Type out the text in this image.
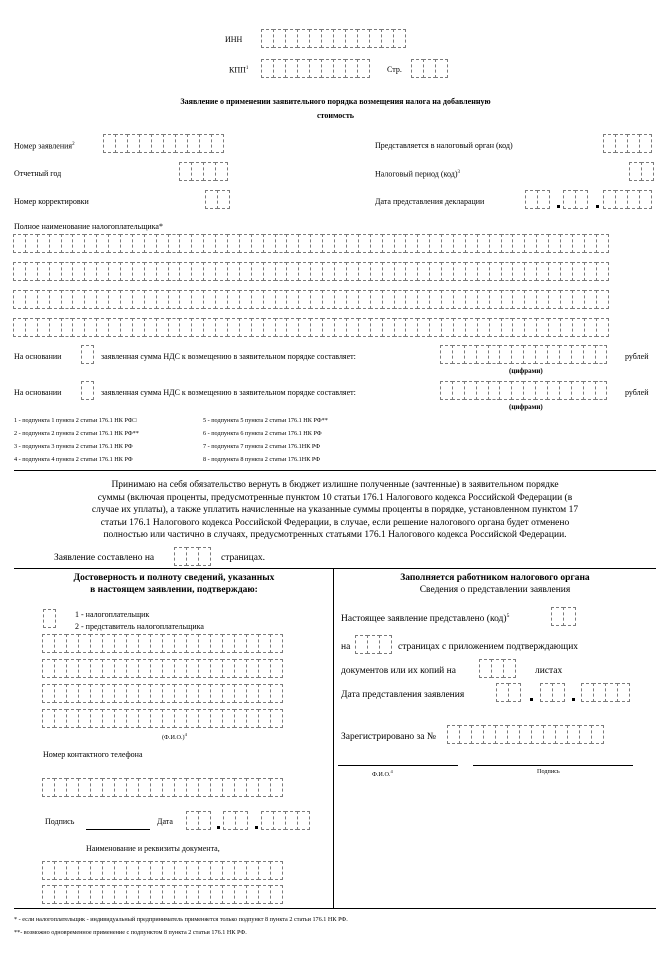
ИНН
КПП$^1$	Стр.
Заявление о применении заявительного порядка возмещения налога на добавленную
стоимость
Номер заявления$^2$
Отчетный год
Номер корректировки
Представляется в налоговый орган (код)
Налоговый период (код)$^3$
Дата представления декларации
Полное наименование налогоплательщика*
На основании	заявленная сумма НДС к возмещению в заявительном порядке составляет:	рублей
(цифрами)
На основании	заявленная сумма НДС к возмещению в заявительном порядке составляет:	рублей
(цифрами)
1 - подпункта 1 пункта 2 статьи 176.1 НК РФ□
2 - подпункта 2 пункта 2 статьи 176.1 НК РФ**
3 - подпункта 3 пункта 2 статьи 176.1 НК РФ
4 - подпункта 4 пункта 2 статьи 176.1 НК РФ
5 - подпункта 5 пункта 2 статьи 176.1 НК РФ**
6 - подпункта 6 пункта 2 статьи 176.1 НК РФ
7 - подпункта 7 пункта 2 статьи 176.1НК РФ
8 - подпункта 8 пункта 2 статьи 176.1НК РФ
Принимаю на себя обязательство вернуть в бюджет излишне полученные (зачтенные) в заявительном порядке
суммы (включая проценты, предусмотренные пунктом 10 статьи 176.1 Налогового кодекса Российской Федерации (в
случае их уплаты), а также уплатить начисленные на указанные суммы проценты в порядке, установленном пунктом 17
статьи 176.1 Налогового кодекса Российской Федерации, в случае, если решение налогового органа будет отменено
полностью или частично в случаях, предусмотренных статьями 176.1 Налогового кодекса Российской Федерации.
Заявление составлено на	страницах.
Достоверность и полноту сведений, указанных
в настоящем заявлении, подтверждаю:
1 - налогоплательщик
2 - представитель налогоплательщика
$(Ф.И.О.)^4$
Номер контактного телефона
Подпись	Дата
Наименование и реквизиты документа,
Заполняется работником налогового органа
Сведения о представлении заявления
Настоящее заявление представлено (код)$^5$
на	страницах с приложением подтверждающих
документов или их копий на	листах
Дата представления заявления
Зарегистрировано за №
Ф.И.О.$^4$	Подпись
* - если налогоплательщик - индивидуальный предприниматель применяется только подпункт 8 пункта 2 статьи 176.1 НК РФ.
**- возможно одновременное применение с подпунктом 8 пункта 2 статьи 176.1 НК РФ.
